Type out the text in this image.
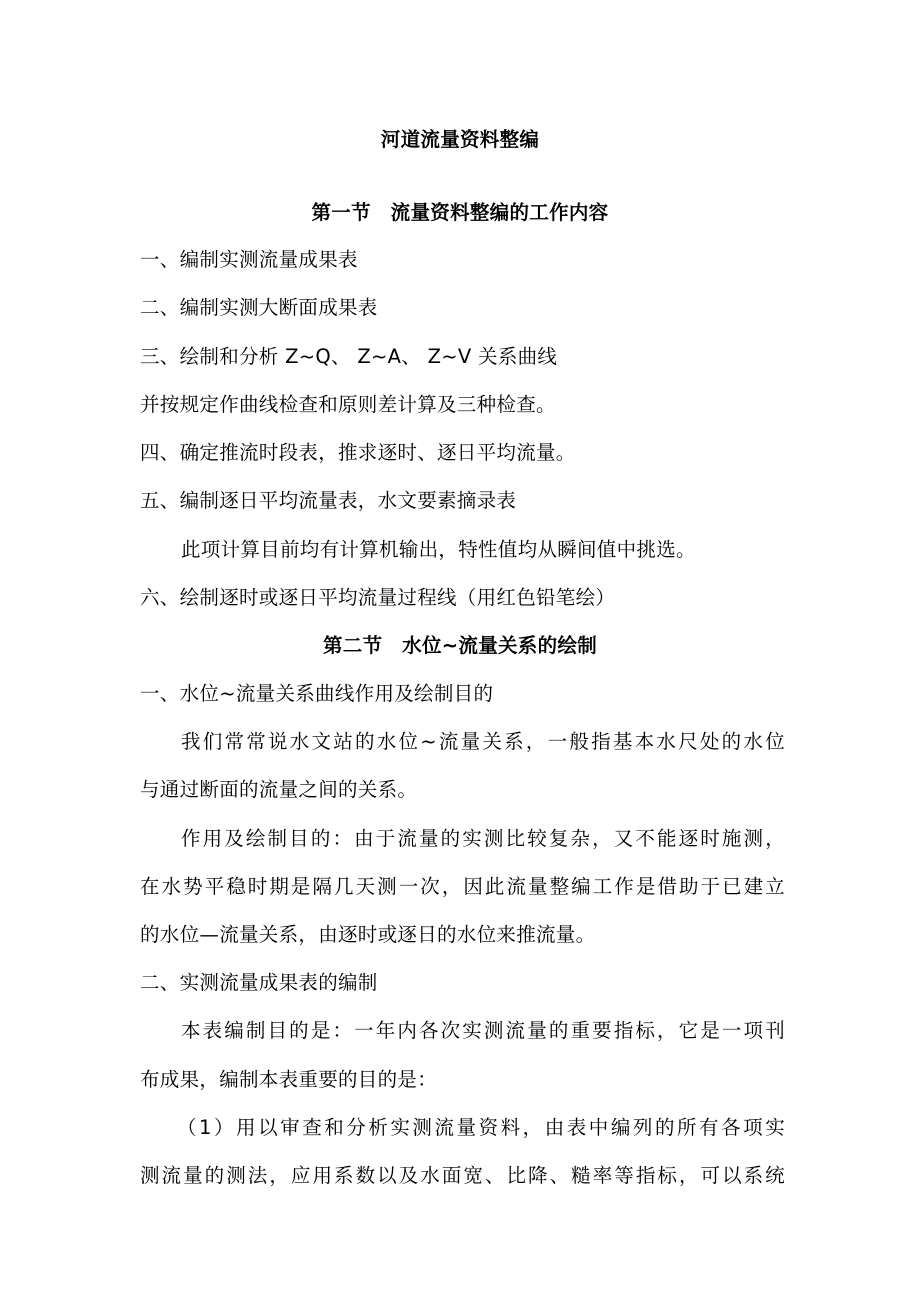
河道流量资料整编
第一节　流量资料整编的工作内容
一、编制实测流量成果表
二、编制实测大断面成果表
三、绘制和分析 Z~Q、 Z~A、 Z~V 关系曲线
并按规定作曲线检查和原则差计算及三种检查。
四、确定推流时段表，推求逐时、逐日平均流量。
五、编制逐日平均流量表，水文要素摘录表
此项计算目前均有计算机输出，特性值均从瞬间值中挑选。
六、绘制逐时或逐日平均流量过程线（用红色铅笔绘）
第二节　水位~流量关系的绘制
一、水位~流量关系曲线作用及绘制目的
我们常常说水文站的水位~流量关系，一般指基本水尺处的水位
与通过断面的流量之间的关系。
作用及绘制目的：由于流量的实测比较复杂，又不能逐时施测，
在水势平稳时期是隔几天测一次，因此流量整编工作是借助于已建立
的水位—流量关系，由逐时或逐日的水位来推流量。
二、实测流量成果表的编制
本表编制目的是：一年内各次实测流量的重要指标，它是一项刊
布成果，编制本表重要的目的是：
（1）用以审查和分析实测流量资料，由表中编列的所有各项实
测流量的测法，应用系数以及水面宽、比降、糙率等指标，可以系统
